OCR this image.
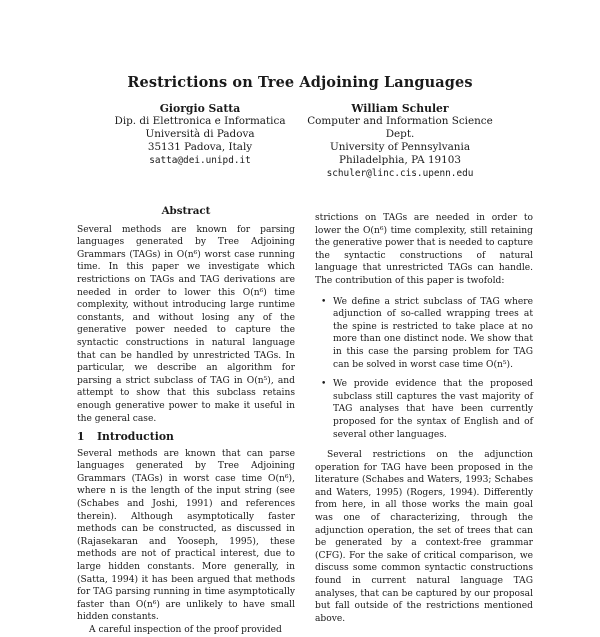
Restrictions on Tree Adjoining Languages
Giorgio Satta
Dip. di Elettronica e Informatica
Università di Padova
35131 Padova, Italy
satta@dei.unipd.it
William Schuler
Computer and Information Science Dept.
University of Pennsylvania
Philadelphia, PA 19103
schuler@linc.cis.upenn.edu
Abstract

Several methods are known for parsing languages generated by Tree Adjoining Grammars (TAGs) in O(n⁶) worst case running time. In this paper we investigate which restrictions on TAGs and TAG derivations are needed in order to lower this O(n⁶) time complexity, without introducing large runtime constants, and without losing any of the generative power needed to capture the syntactic constructions in natural language that can be handled by unrestricted TAGs. In particular, we describe an algorithm for parsing a strict subclass of TAG in O(n⁵), and attempt to show that this subclass retains enough generative power to make it useful in the general case.

1 Introduction

Several methods are known that can parse languages generated by Tree Adjoining Grammars (TAGs) in worst case time O(n⁶), where n is the length of the input string (see (Schabes and Joshi, 1991) and references therein). Although asymptotically faster methods can be constructed, as discussed in (Rajasekaran and Yooseph, 1995), these methods are not of practical interest, due to large hidden constants. More generally, in (Satta, 1994) it has been argued that methods for TAG parsing running in time asymptotically faster than O(n⁶) are unlikely to have small hidden constants.

A careful inspection of the proof provided

strictions on TAGs are needed in order to lower the O(n⁶) time complexity, still retaining the generative power that is needed to capture the syntactic constructions of natural language that unrestricted TAGs can handle. The contribution of this paper is twofold:

• We define a strict subclass of TAG where adjunction of so-called wrapping trees at the spine is restricted to take place at no more than one distinct node. We show that in this case the parsing problem for TAG can be solved in worst case time O(n⁵).
• We provide evidence that the proposed subclass still captures the vast majority of TAG analyses that have been currently proposed for the syntax of English and of several other languages.

Several restrictions on the adjunction operation for TAG have been proposed in the literature (Schabes and Waters, 1993; Schabes and Waters, 1995) (Rogers, 1994). Differently from here, in all those works the main goal was one of characterizing, through the adjunction operation, the set of trees that can be generated by a context-free grammar (CFG). For the sake of critical comparison, we discuss some common syntactic constructions found in current natural language TAG analyses, that can be captured by our proposal but fall outside of the restrictions mentioned above.
